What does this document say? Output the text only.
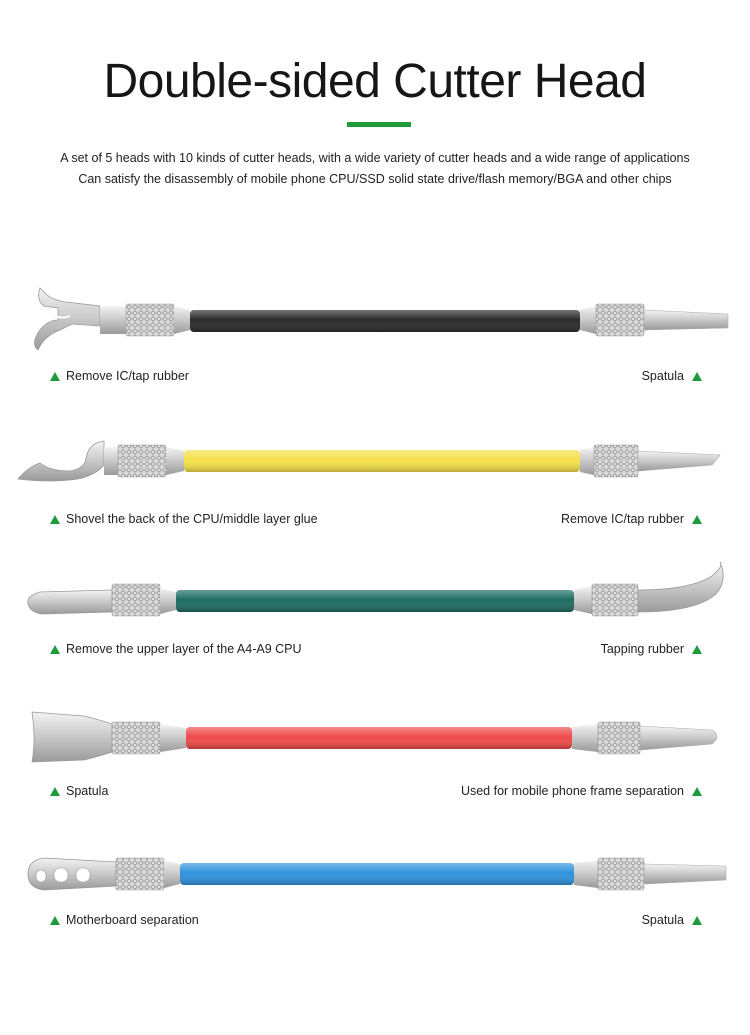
Double-sided Cutter Head
A set of 5 heads with 10 kinds of cutter heads, with a wide variety of cutter heads and a wide range of applications
Can satisfy the disassembly of mobile phone CPU/SSD solid state drive/flash memory/BGA and other chips
Remove IC/tap rubber	Spatula
Shovel the back of the CPU/middle layer glue	Remove IC/tap rubber
Remove the upper layer of the A4-A9 CPU	Tapping rubber
Spatula	Used for mobile phone frame separation
Motherboard separation	Spatula
